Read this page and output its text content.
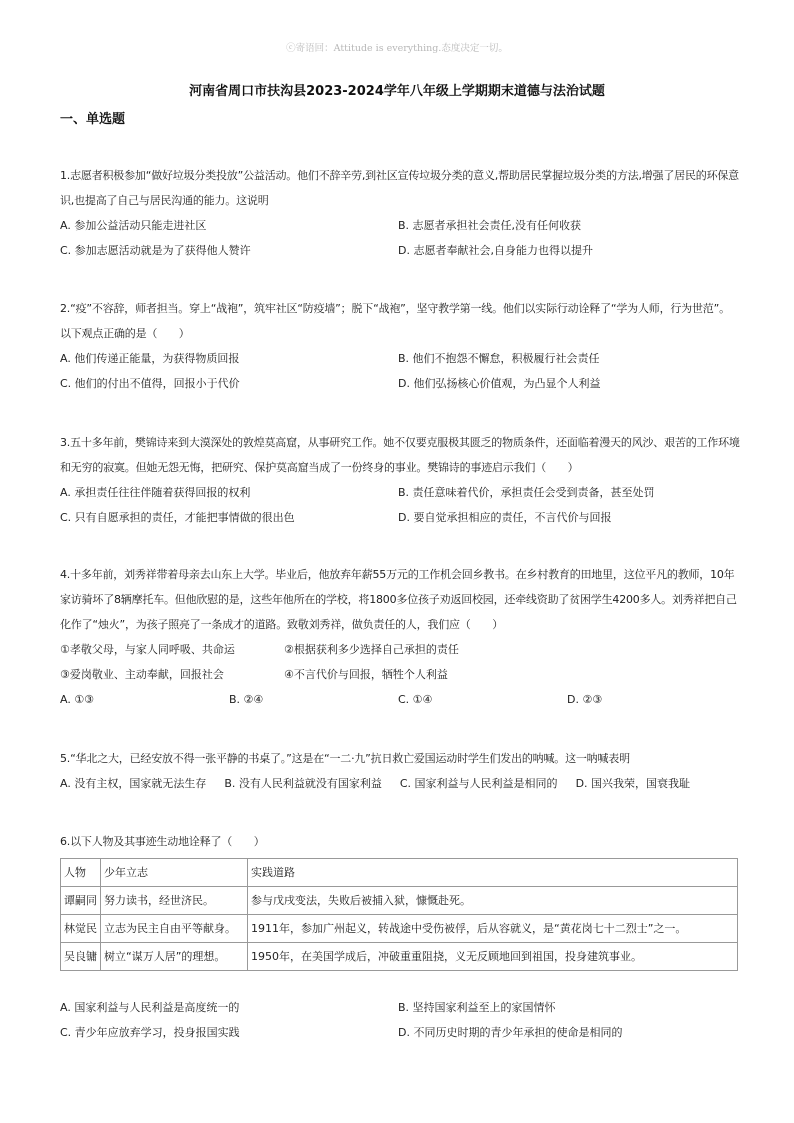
ⓒ寄语回：Attitude is everything.态度决定一切。
河南省周口市扶沟县2023-2024学年八年级上学期期末道德与法治试题
一、单选题
1.志愿者积极参加“做好垃圾分类投放”公益活动。他们不辞辛劳,到社区宣传垃圾分类的意义,帮助居民掌握垃圾分类的方法,增强了居民的环保意识,也提高了自己与居民沟通的能力。这说明
A. 参加公益活动只能走进社区	B. 志愿者承担社会责任,没有任何收获
C. 参加志愿活动就是为了获得他人赞许	D. 志愿者奉献社会,自身能力也得以提升
2.“疫”不容辞，师者担当。穿上“战袍”，筑牢社区“防疫墙”；脱下“战袍”，坚守教学第一线。他们以实际行动诠释了“学为人师，行为世范”。以下观点正确的是（　　）
A. 他们传递正能量，为获得物质回报	B. 他们不抱怨不懈怠，积极履行社会责任
C. 他们的付出不值得，回报小于代价	D. 他们弘扬核心价值观，为凸显个人利益
3.五十多年前，樊锦诗来到大漠深处的敦煌莫高窟，从事研究工作。她不仅要克服极其匮乏的物质条件，还面临着漫天的风沙、艰苦的工作环境和无穷的寂寞。但她无怨无悔，把研究、保护莫高窟当成了一份终身的事业。樊锦诗的事迹启示我们（　　）
A. 承担责任往往伴随着获得回报的权利	B. 责任意味着代价，承担责任会受到责备，甚至处罚
C. 只有自愿承担的责任，才能把事情做的很出色	D. 要自觉承担相应的责任，不言代价与回报
4.十多年前，刘秀祥带着母亲去山东上大学。毕业后，他放弃年薪55万元的工作机会回乡教书。在乡村教育的田地里，这位平凡的教师，10年家访骑坏了8辆摩托车。但他欣慰的是，这些年他所在的学校，将1800多位孩子劝返回校园，还牵线资助了贫困学生4200多人。刘秀祥把自己化作了“烛火”，为孩子照亮了一条成才的道路。致敬刘秀祥，做负责任的人，我们应（　　）
①孝敬父母，与家人同呼吸、共命运	②根据获利多少选择自己承担的责任
③爱岗敬业、主动奉献，回报社会	④不言代价与回报，牺牲个人利益
A. ①③	B. ②④	C. ①④	D. ②③
5.“华北之大，已经安放不得一张平静的书桌了。”这是在“一二·九”抗日救亡爱国运动时学生们发出的呐喊。这一呐喊表明
A. 没有主权，国家就无法生存 B. 没有人民利益就没有国家利益 C. 国家利益与人民利益是相同的 D. 国兴我荣，国衰我耻
6.以下人物及其事迹生动地诠释了（　　）
人物	少年立志	实践道路
谭嗣同	努力读书，经世济民。	参与戊戌变法，失败后被捕入狱，慷慨赴死。
林觉民	立志为民主自由平等献身。	1911年，参加广州起义，转战途中受伤被俘，后从容就义，是“黄花岗七十二烈士”之一。
吴良镛	树立“谋万人居”的理想。	1950年，在美国学成后，冲破重重阻挠，义无反顾地回到祖国，投身建筑事业。
A. 国家利益与人民利益是高度统一的	B. 坚持国家利益至上的家国情怀
C. 青少年应放弃学习，投身报国实践	D. 不同历史时期的青少年承担的使命是相同的
